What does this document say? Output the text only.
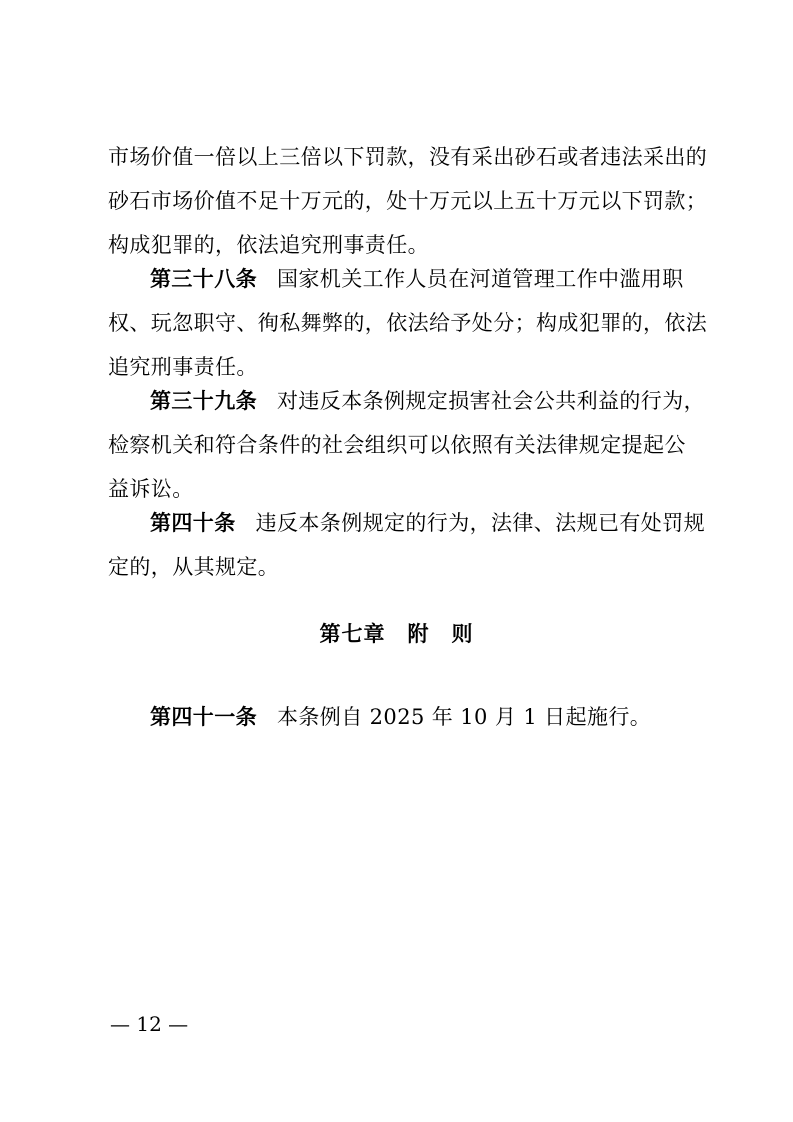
市场价值一倍以上三倍以下罚款，没有采出砂石或者违法采出的
砂石市场价值不足十万元的，处十万元以上五十万元以下罚款；
构成犯罪的，依法追究刑事责任。
第三十八条 国家机关工作人员在河道管理工作中滥用职
权、玩忽职守、徇私舞弊的，依法给予处分；构成犯罪的，依法
追究刑事责任。
第三十九条 对违反本条例规定损害社会公共利益的行为，
检察机关和符合条件的社会组织可以依照有关法律规定提起公
益诉讼。
第四十条 违反本条例规定的行为，法律、法规已有处罚规
定的，从其规定。
第七章　附　则
第四十一条 本条例自 2025 年 10 月 1 日起施行。
— 12 —
